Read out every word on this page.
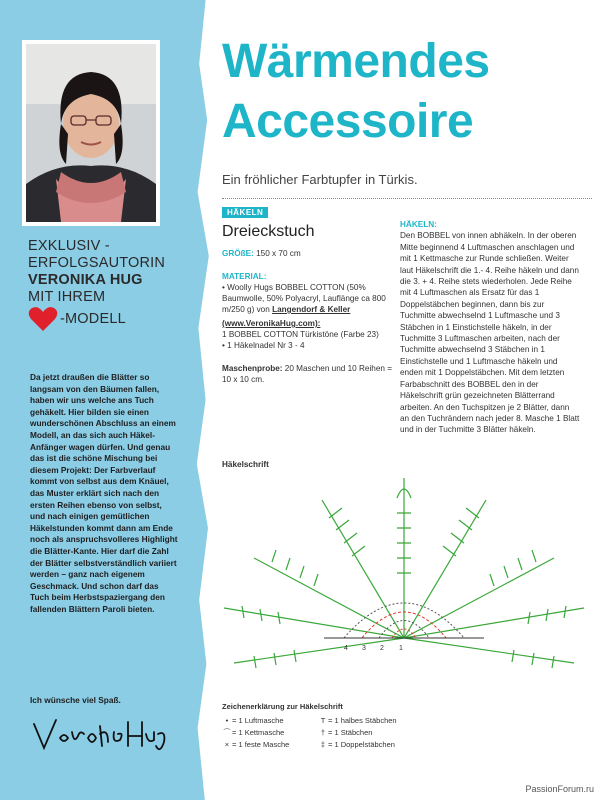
EXKLUSIV -
ERFOLGSAUTORIN
VERONIKA HUG
MIT IHREM
-MODELL
Da jetzt draußen die Blätter so langsam von den Bäumen fallen, haben wir uns welche ans Tuch gehäkelt. Hier bilden sie einen wunderschönen Abschluss an einem Modell, an das sich auch Häkel-Anfänger wagen dürfen. Und genau das ist die schöne Mischung bei diesem Projekt: Der Farbverlauf kommt von selbst aus dem Knäuel, das Muster erklärt sich nach den ersten Reihen ebenso von selbst, und nach einigen gemütlichen Häkelstunden kommt dann am Ende noch als anspruchsvolleres Highlight die Blätter-Kante. Hier darf die Zahl der Blätter selbstverständlich variiert werden – ganz nach eigenem Geschmack. Und schon darf das Tuch beim Herbstspaziergang den fallenden Blättern Paroli bieten.
Ich wünsche viel Spaß.
Wärmendes
Accessoire
Ein fröhlicher Farbtupfer in Türkis.
HÄKELN
Dreieckstuch

GRÖßE: 150 x 70 cm

MATERIAL:

• Woolly Hugs BOBBEL COTTON (50% Baumwolle, 50% Polyacryl, Lauflänge ca 800 m/250 g) von Langendorf & Keller

(www.VeronikaHug.com):

1 BOBBEL COTTON Türkistöne (Farbe 23)

• 1 Häkelnadel Nr 3 - 4

Maschenprobe: 20 Maschen und 10 Reihen = 10 x 10 cm.

HÄKELN:
Den BOBBEL von innen abhäkeln. In der oberen Mitte beginnend 4 Luftmaschen anschlagen und mit 1 Kettmasche zur Runde schließen. Weiter laut Häkelschrift die 1.- 4. Reihe häkeln und dann die 3. + 4. Reihe stets wiederholen. Jede Reihe mit 4 Luftmaschen als Ersatz für das 1 Doppelstäbchen beginnen, dann bis zur Tuchmitte abwechselnd 1 Luftmasche und 3 Stäbchen in 1 Einstichstelle häkeln, in der Tuchmitte 3 Luftmaschen arbeiten, nach der Tuchmitte abwechselnd 3 Stäbchen in 1 Einstichstelle und 1 Luftmasche häkeln und enden mit 1 Doppelstäbchen. Mit dem letzten Farbabschnitt des BOBBEL den in der Häkelschrift grün gezeichneten Blätterrand arbeiten. An den Tuchspitzen je 2 Blätter, dann an den Tuchrändern nach jeder 8. Masche 1 Blatt und in der Tuchmitte 3 Blätter häkeln.
Häkelschrift
1
2
3
4
Zeichenerklärung zur Häkelschrift
• = 1 Luftmasche
⌒= 1 Kettmasche
× = 1 feste Masche
T = 1 halbes Stäbchen
† = 1 Stäbchen
‡ = 1 Doppelstäbchen
PassionForum.ru
